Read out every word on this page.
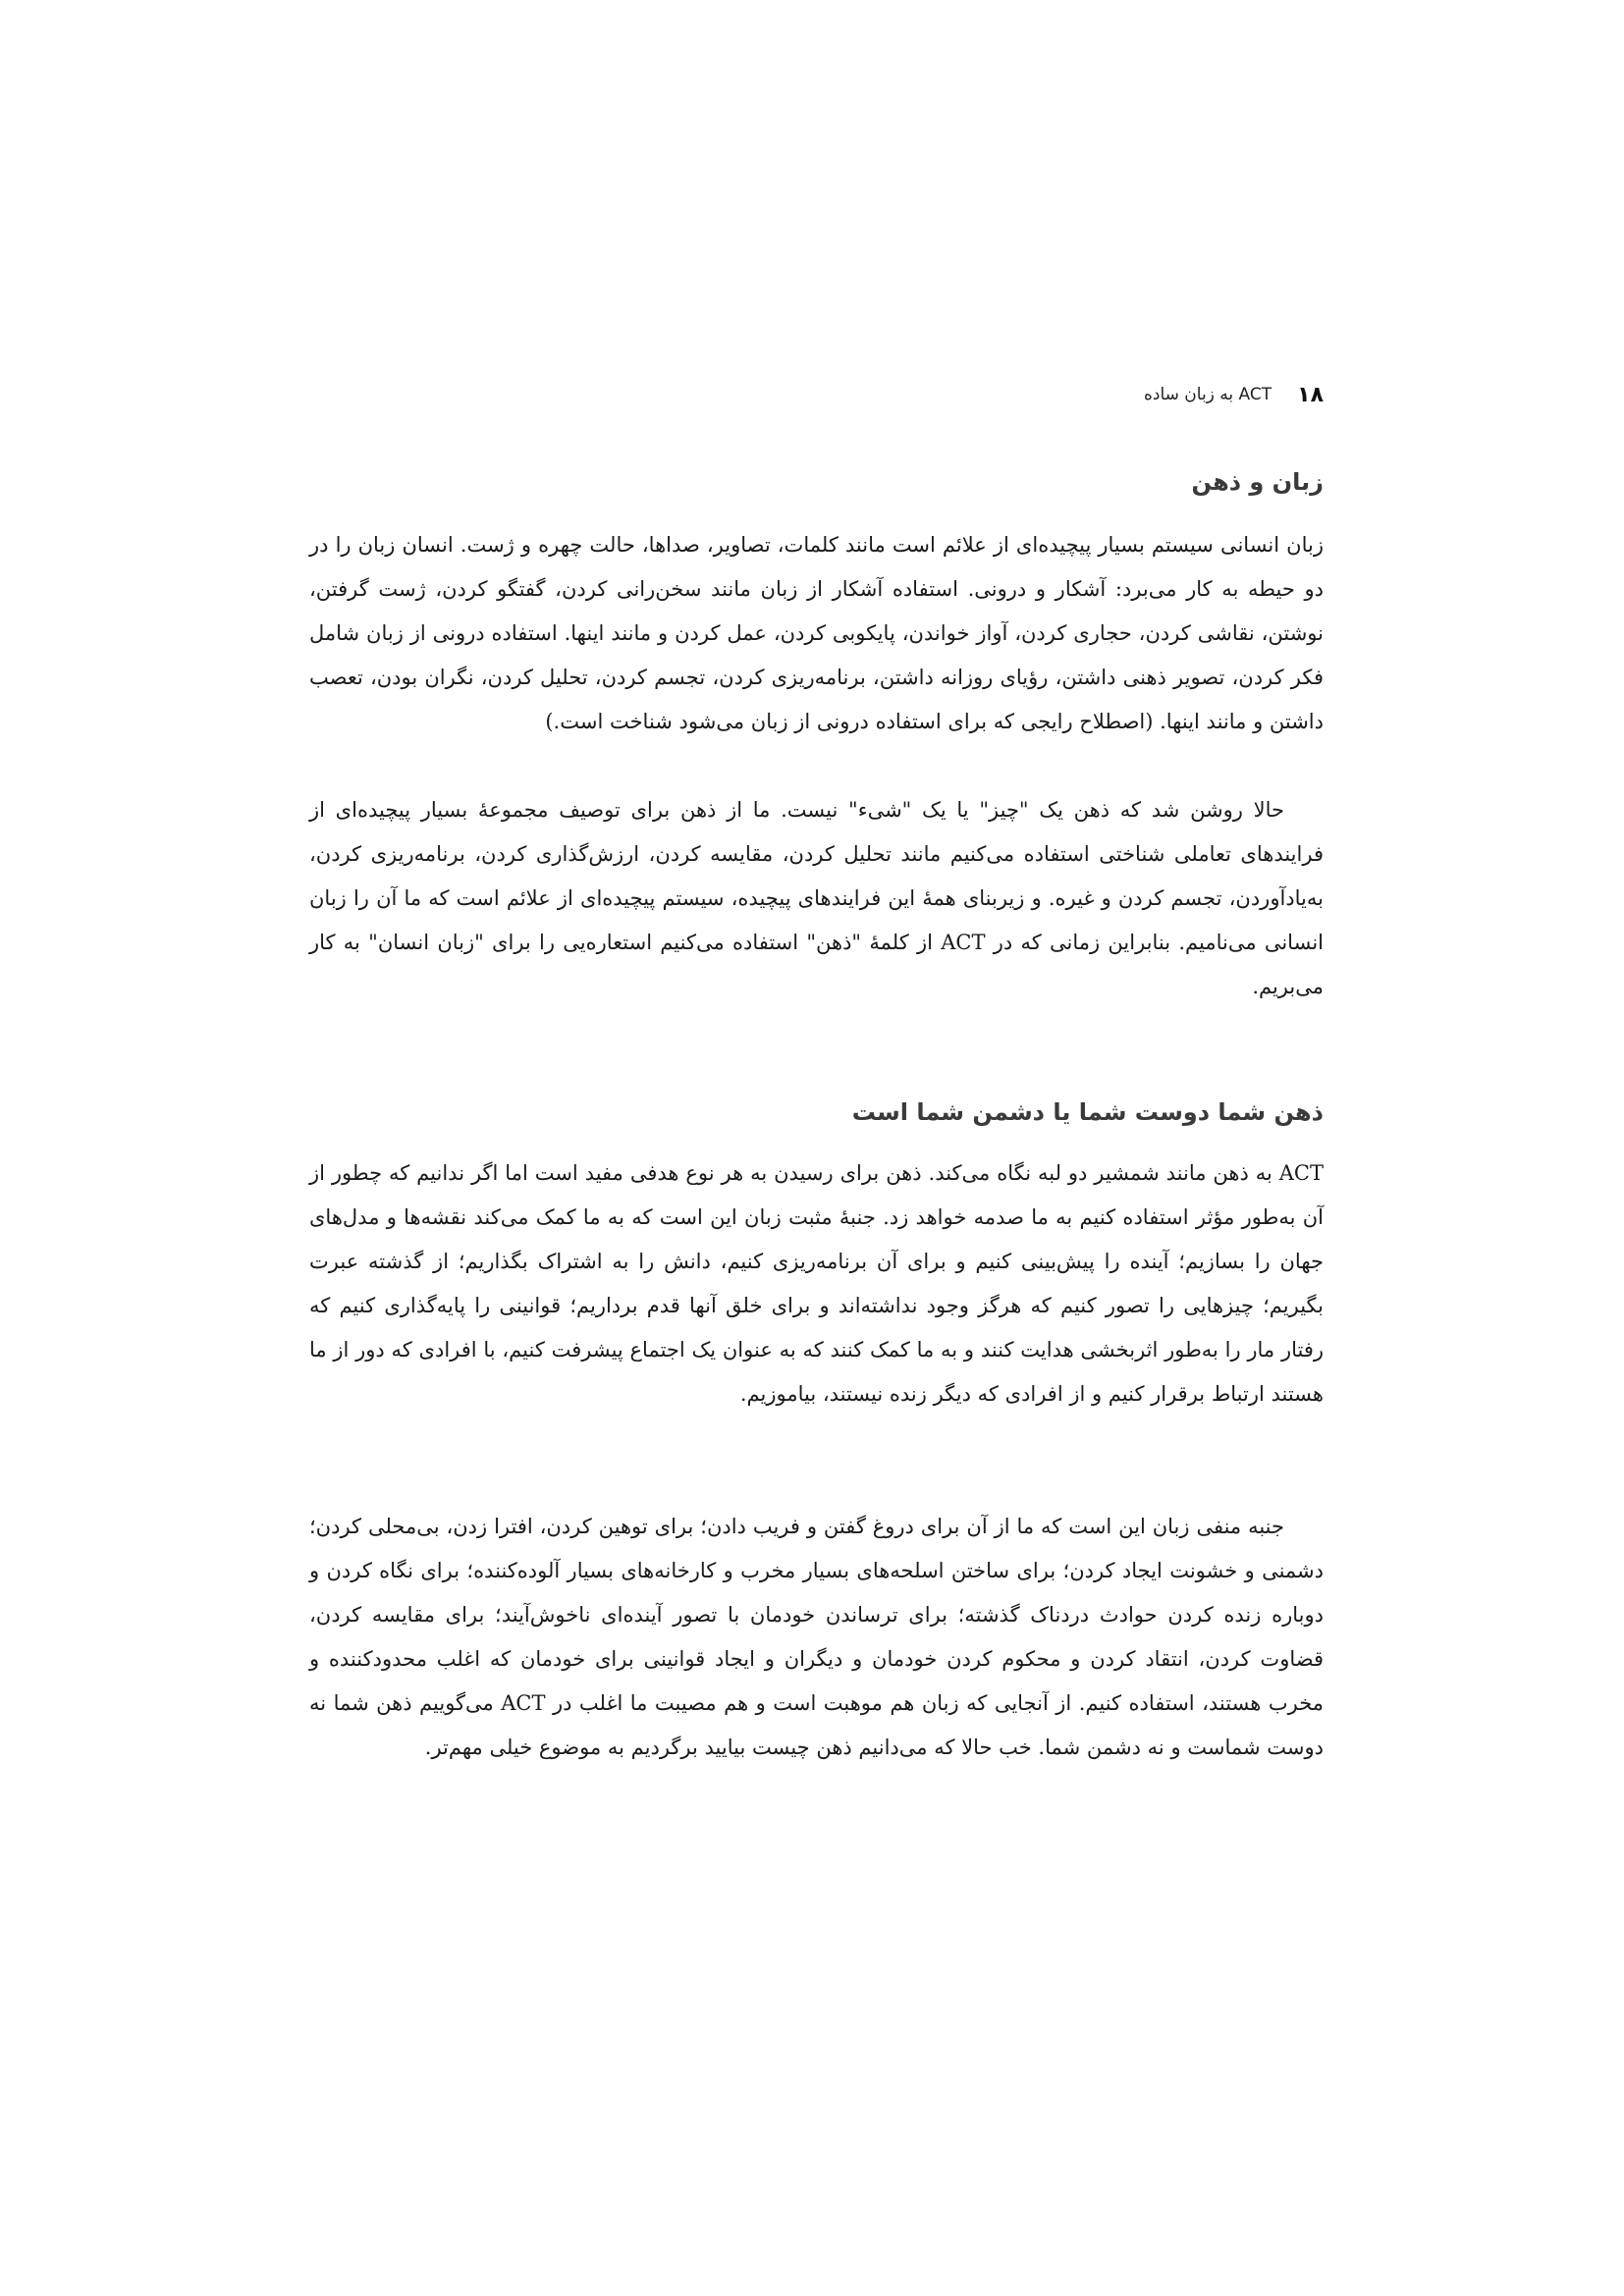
۱۸
ACT به زبان ساده
زبان و ذهن

زبان انسانی سیستم بسیار پیچیده‌ای از علائم است مانند کلمات، تصاویر، صداها، حالت چهره و ژست. انسان زبان را در دو حیطه به کار می‌برد: آشکار و درونی. استفاده آشکار از زبان مانند سخن‌رانی کردن، گفتگو کردن، ژست گرفتن، نوشتن، نقاشی کردن، حجاری کردن، آواز خواندن، پایکوبی کردن، عمل کردن و مانند اینها. استفاده درونی از زبان شامل فکر کردن، تصویر ذهنی داشتن، رؤیای روزانه داشتن، برنامه‌ریزی کردن، تجسم کردن، تحلیل کردن، نگران بودن، تعصب داشتن و مانند اینها. (اصطلاح رایجی که برای استفاده درونی از زبان می‌شود شناخت است.)

حالا روشن شد که ذهن یک "چیز" یا یک "شیء" نیست. ما از ذهن برای توصیف مجموعهٔ بسیار پیچیده‌ای از فرایندهای تعاملی شناختی استفاده می‌کنیم مانند تحلیل کردن، مقایسه کردن، ارزش‌گذاری کردن، برنامه‌ریزی کردن، به‌یادآوردن، تجسم کردن و غیره. و زیربنای همهٔ این فرایندهای پیچیده، سیستم پیچیده‌ای از علائم است که ما آن را زبان انسانی می‌نامیم. بنابراین زمانی که در ACT از کلمهٔ "ذهن" استفاده می‌کنیم استعاره‌یی را برای "زبان انسان" به کار می‌بریم.

ذهن شما دوست شما یا دشمن شما است

ACT به ذهن مانند شمشیر دو لبه نگاه می‌کند. ذهن برای رسیدن به هر نوع هدفی مفید است اما اگر ندانیم که چطور از آن به‌طور مؤثر استفاده کنیم به ما صدمه خواهد زد. جنبهٔ مثبت زبان این است که به ما کمک می‌کند نقشه‌ها و مدل‌های جهان را بسازیم؛ آینده را پیش‌بینی کنیم و برای آن برنامه‌ریزی کنیم، دانش را به اشتراک بگذاریم؛ از گذشته عبرت بگیریم؛ چیزهایی را تصور کنیم که هرگز وجود نداشته‌اند و برای خلق آنها قدم برداریم؛ قوانینی را پایه‌گذاری کنیم که رفتار مار را به‌طور اثربخشی هدایت کنند و به ما کمک کنند که به عنوان یک اجتماع پیشرفت کنیم، با افرادی که دور از ما هستند ارتباط برقرار کنیم و از افرادی که دیگر زنده نیستند، بیاموزیم.

جنبه منفی زبان این است که ما از آن برای دروغ گفتن و فریب دادن؛ برای توهین کردن، افترا زدن، بی‌محلی کردن؛ دشمنی و خشونت ایجاد کردن؛ برای ساختن اسلحه‌های بسیار مخرب و کارخانه‌های بسیار آلوده‌کننده؛ برای نگاه کردن و دوباره زنده کردن حوادث دردناک گذشته؛ برای ترساندن خودمان با تصور آینده‌ای ناخوش‌آیند؛ برای مقایسه کردن، قضاوت کردن، انتقاد کردن و محکوم کردن خودمان و دیگران و ایجاد قوانینی برای خودمان که اغلب محدودکننده و مخرب هستند، استفاده کنیم. از آنجایی که زبان هم موهبت است و هم مصیبت ما اغلب در ACT می‌گوییم ذهن شما نه دوست شماست و نه دشمن شما. خب حالا که می‌دانیم ذهن چیست بیایید برگردیم به موضوع خیلی مهم‌تر.
